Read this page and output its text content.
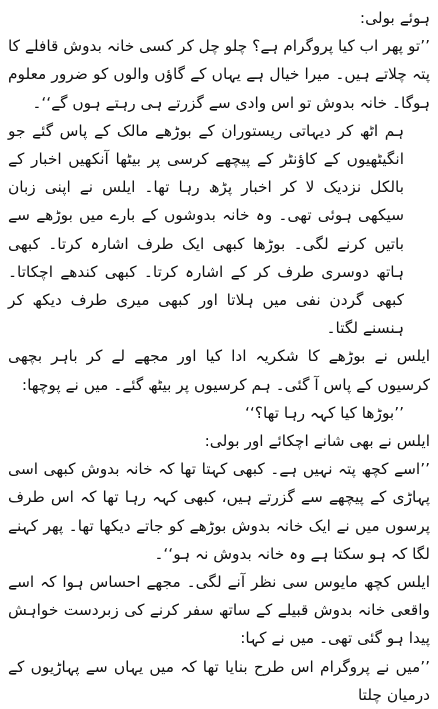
ہوئے بولی:

’’تو پھر اب کیا پروگرام ہے؟ چلو چل کر کسی خانہ بدوش قافلے کا پتہ چلاتے ہیں۔ میرا خیال ہے یہاں کے گاؤں والوں کو ضرور معلوم ہوگا۔ خانہ بدوش تو اس وادی سے گزرتے ہی رہتے ہوں گے‘‘۔

ہم اٹھ کر دیہاتی ریستوران کے بوڑھے مالک کے پاس گئے جو انگیٹھیوں کے کاؤنٹر کے پیچھے کرسی پر بیٹھا آنکھیں اخبار کے بالکل نزدیک لا کر اخبار پڑھ رہا تھا۔ ایلس نے اپنی زبان سیکھی ہوئی تھی۔ وہ خانہ بدوشوں کے بارے میں بوڑھے سے باتیں کرنے لگی۔ بوڑھا کبھی ایک طرف اشارہ کرتا۔ کبھی ہاتھ دوسری طرف کر کے اشارہ کرتا۔ کبھی کندھے اچکاتا۔ کبھی گردن نفی میں ہلاتا اور کبھی میری طرف دیکھ کر ہنسنے لگتا۔

ایلس نے بوڑھے کا شکریہ ادا کیا اور مجھے لے کر باہر بچھی کرسیوں کے پاس آ گئی۔ ہم کرسیوں پر بیٹھ گئے۔ میں نے پوچھا:

’’بوڑھا کیا کہہ رہا تھا؟‘‘

ایلس نے بھی شانے اچکائے اور بولی:

’’اسے کچھ پتہ نہیں ہے۔ کبھی کہتا تھا کہ خانہ بدوش کبھی اسی پہاڑی کے پیچھے سے گزرتے ہیں، کبھی کہہ رہا تھا کہ اس طرف پرسوں میں نے ایک خانہ بدوش بوڑھے کو جاتے دیکھا تھا۔ پھر کہنے لگا کہ ہو سکتا ہے وہ خانہ بدوش نہ ہو‘‘۔

ایلس کچھ مایوس سی نظر آنے لگی۔ مجھے احساس ہوا کہ اسے واقعی خانہ بدوش قبیلے کے ساتھ سفر کرنے کی زبردست خواہش پیدا ہو گئی تھی۔ میں نے کہا:

’’میں نے پروگرام اس طرح بنایا تھا کہ میں یہاں سے پہاڑیوں کے درمیان چلتا
